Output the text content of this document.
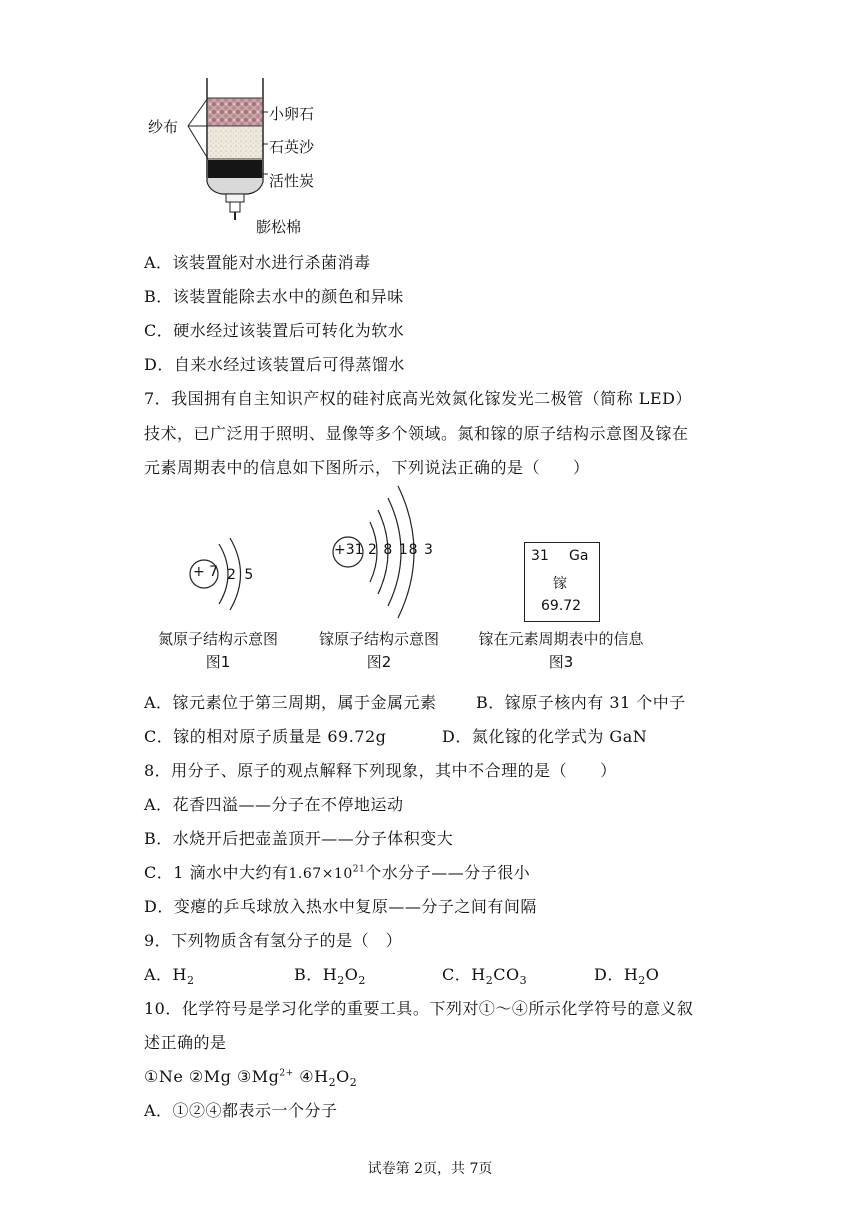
纱布
小卵石
石英沙
活性炭
膨松棉
A．该装置能对水进行杀菌消毒
B．该装置能除去水中的颜色和异味
C．硬水经过该装置后可转化为软水
D．自来水经过该装置后可得蒸馏水
7．我国拥有自主知识产权的硅衬底高光效氮化镓发光二极管（简称 LED）
技术，已广泛用于照明、显像等多个领域。氮和镓的原子结构示意图及镓在
元素周期表中的信息如下图所示，下列说法正确的是（　　）
+ 7 2 5
氮原子结构示意图
图1
+31 2 8 18 3
镓原子结构示意图
图2
31 Ga
镓
69.72
镓在元素周期表中的信息
图3
A．镓元素位于第三周期，属于金属元素 B．镓原子核内有 31 个中子
C．镓的相对原子质量是 69.72g	D．氮化镓的化学式为 GaN
8．用分子、原子的观点解释下列现象，其中不合理的是（　　）
A．花香四溢——分子在不停地运动
B．水烧开后把壶盖顶开——分子体积变大
C．1 滴水中大约有$1.67\times 10^{21}$个水分子——分子很小
D．变瘪的乒乓球放入热水中复原——分子之间有间隔
9．下列物质含有氢分子的是（　）
A．$H_2$	B．$H_2O_2$	C．$H_2CO_3$	D．$H_2O$
10．化学符号是学习化学的重要工具。下列对①～④所示化学符号的意义叙
述正确的是
①Ne ②Mg $③Mg^{2+}$ $④H_2O_2$
A．①②④都表示一个分子
试卷第 2页，共 7页
